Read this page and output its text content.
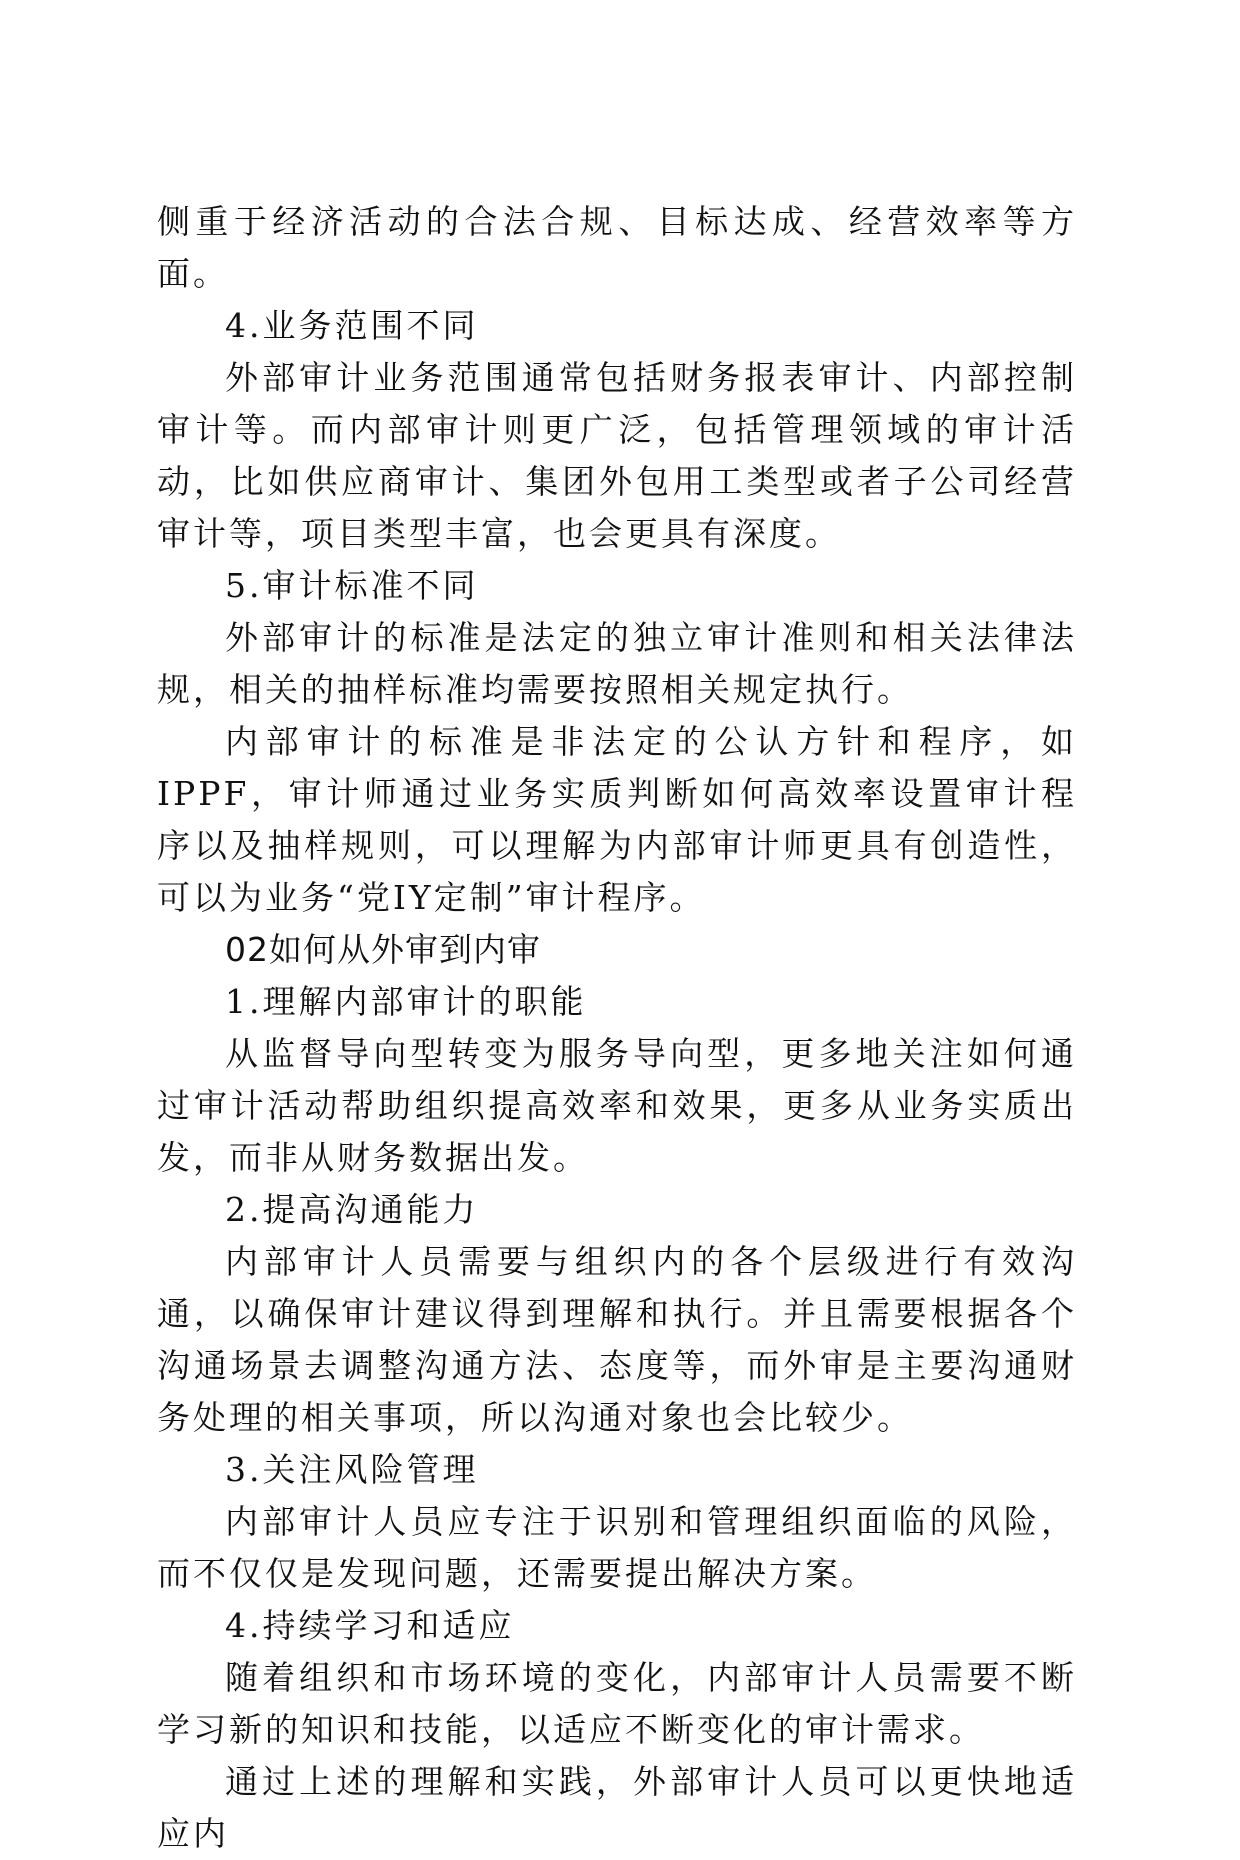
侧重于经济活动的合法合规、目标达成、经营效率等方面。

4.业务范围不同

外部审计业务范围通常包括财务报表审计、内部控制审计等。而内部审计则更广泛，包括管理领域的审计活动，比如供应商审计、集团外包用工类型或者子公司经营审计等，项目类型丰富，也会更具有深度。

5.审计标准不同

外部审计的标准是法定的独立审计准则和相关法律法规，相关的抽样标准均需要按照相关规定执行。

内部审计的标准是非法定的公认方针和程序，如IPPF，审计师通过业务实质判断如何高效率设置审计程序以及抽样规则，可以理解为内部审计师更具有创造性，可以为业务“党IY定制”审计程序。

02如何从外审到内审

1.理解内部审计的职能

从监督导向型转变为服务导向型，更多地关注如何通过审计活动帮助组织提高效率和效果，更多从业务实质出发，而非从财务数据出发。

2.提高沟通能力

内部审计人员需要与组织内的各个层级进行有效沟通，以确保审计建议得到理解和执行。并且需要根据各个沟通场景去调整沟通方法、态度等，而外审是主要沟通财务处理的相关事项，所以沟通对象也会比较少。

3.关注风险管理

内部审计人员应专注于识别和管理组织面临的风险，而不仅仅是发现问题，还需要提出解决方案。

4.持续学习和适应

随着组织和市场环境的变化，内部审计人员需要不断学习新的知识和技能，以适应不断变化的审计需求。

通过上述的理解和实践，外部审计人员可以更快地适应内
